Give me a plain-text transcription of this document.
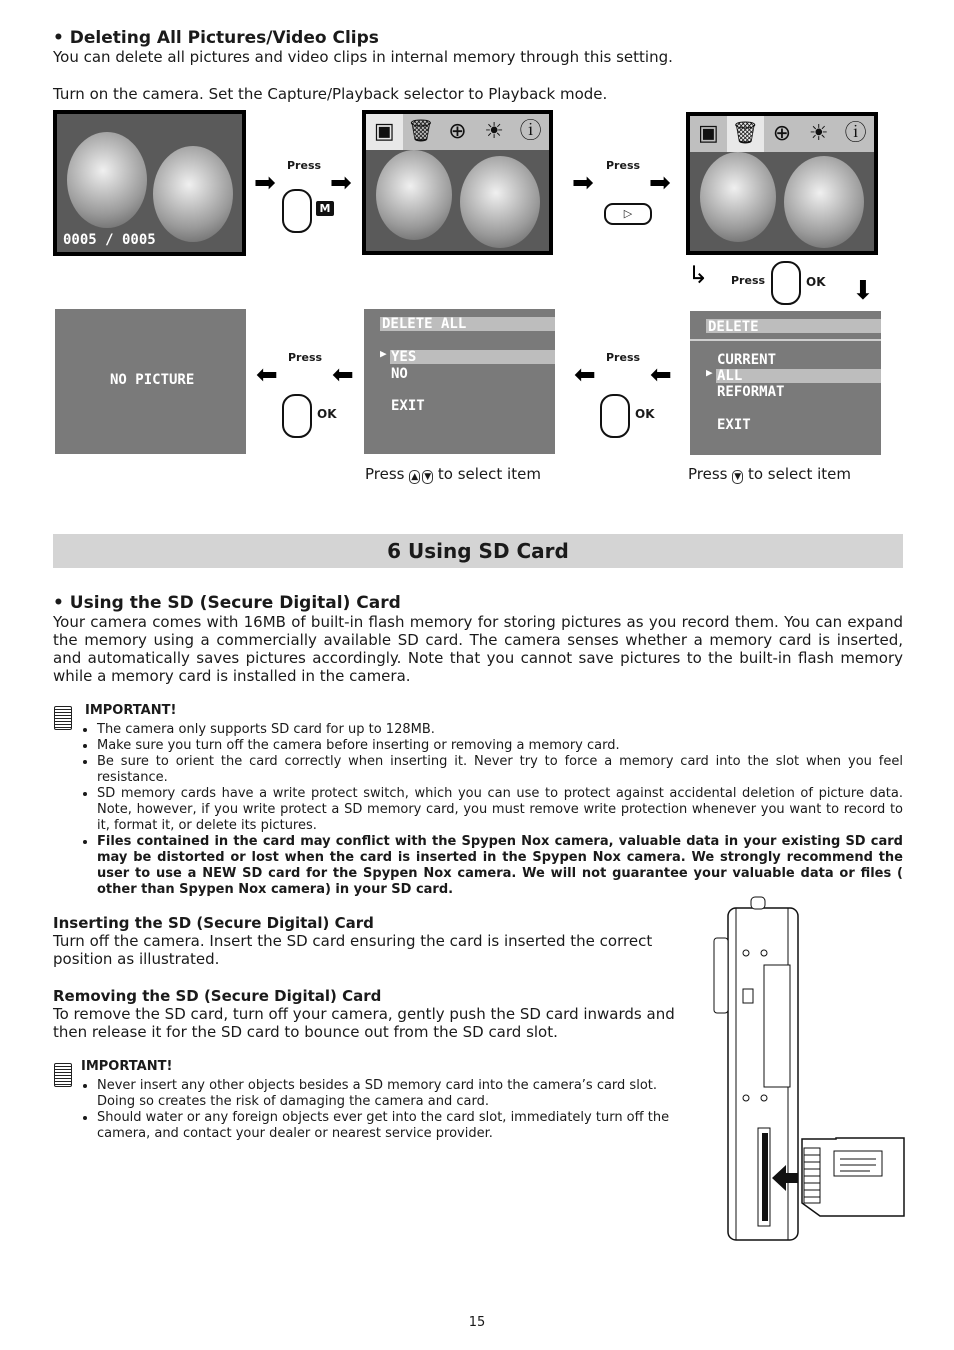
• Deleting All Pictures/Video Clips
You can delete all pictures and video clips in internal memory through this setting.
Turn on the camera. Set the Capture/Playback selector to Playback mode.
0005 / 0005
Press
➡ ➡
M
▣ 🗑 ⊕ ☀ ⓘ
Press
➡ ➡
▷
▣ 🗑 ⊕ ☀ ⓘ
↳ Press	OK ⬇
NO PICTURE
Press
⬅ ⬅
OK
DELETE ALL
▶ YES
NO
EXIT
Press
⬅ ⬅
OK
DELETE
CURRENT
▶ ALL
REFORMAT
EXIT
Press ▲ ▼ to select item	Press ▼ to select item
6 Using SD Card
• Using the SD (Secure Digital) Card
Your camera comes with 16MB of built-in flash memory for storing pictures as you record them. You can expand the memory using a commercially available SD card. The camera senses whether a memory card is inserted, and automatically saves pictures accordingly. Note that you cannot save pictures to the built-in flash memory while a memory card is installed in the camera.
IMPORTANT!
• The camera only supports SD card for up to 128MB.
• Make sure you turn off the camera before inserting or removing a memory card.
• Be sure to orient the card correctly when inserting it. Never try to force a memory card into the slot when you feel resistance.
• SD memory cards have a write protect switch, which you can use to protect against accidental deletion of picture data. Note, however, if you write protect a SD memory card, you must remove write protection whenever you want to record to it, format it, or delete its pictures.
• Files contained in the card may conflict with the Spypen Nox camera, valuable data in your existing SD card may be distorted or lost when the card is inserted in the Spypen Nox camera. We strongly recommend the user to use a NEW SD card for the Spypen Nox camera. We will not guarantee your valuable data or files ( other than Spypen Nox camera) in your SD card.
Inserting the SD (Secure Digital) Card
Turn off the camera. Insert the SD card ensuring the card is inserted the correct position as illustrated.
Removing the SD (Secure Digital) Card
To remove the SD card, turn off your camera, gently push the SD card inwards and then release it for the SD card to bounce out from the SD card slot.
IMPORTANT!
• Never insert any other objects besides a SD memory card into the camera’s card slot. Doing so creates the risk of damaging the camera and card.
• Should water or any foreign objects ever get into the card slot, immediately turn off the camera, and contact your dealer or nearest service provider.
15
